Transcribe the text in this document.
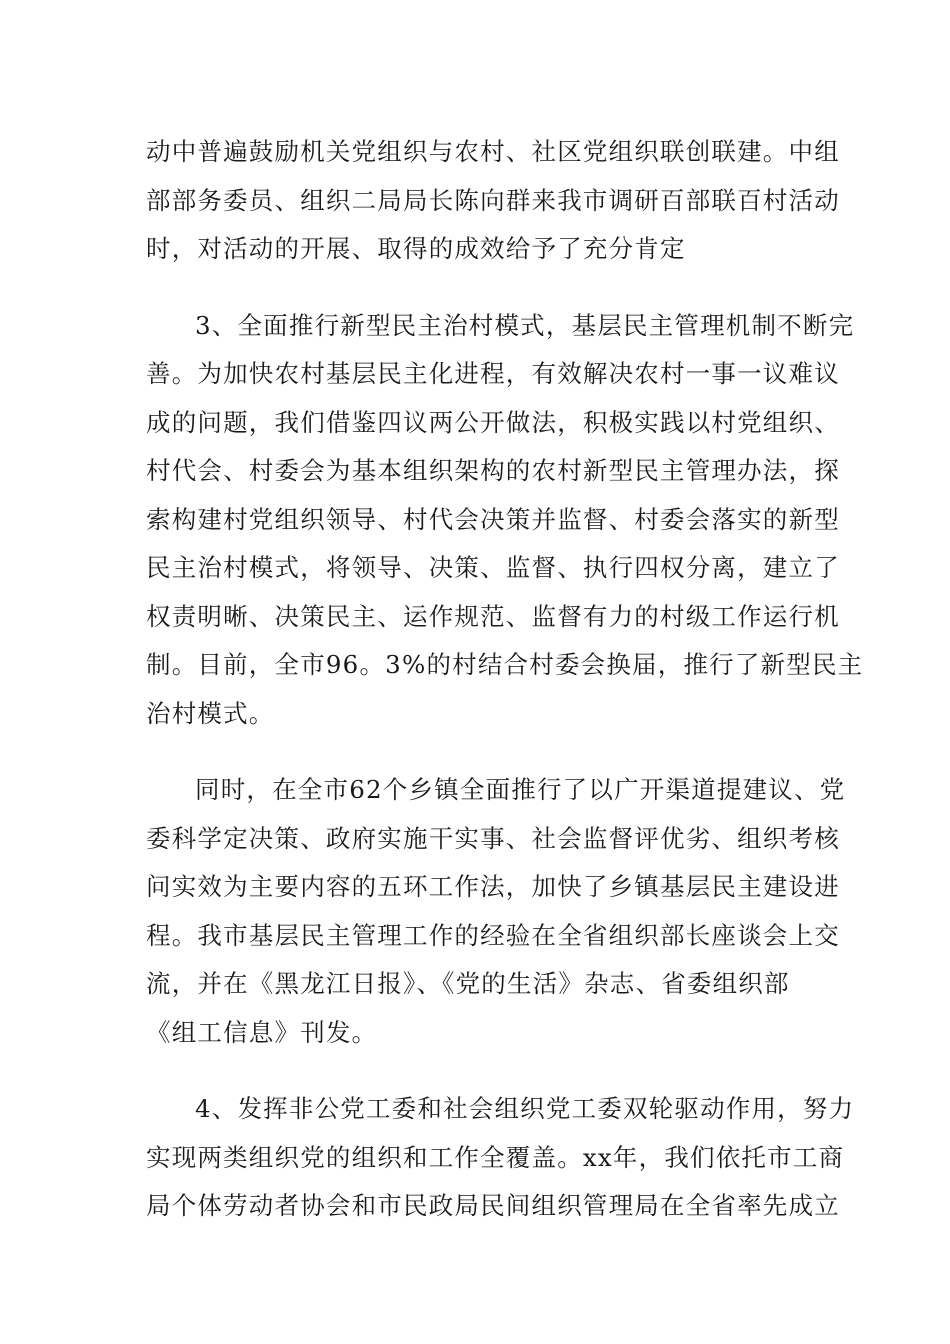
动中普遍鼓励机关党组织与农村、社区党组织联创联建。中组
部部务委员、组织二局局长陈向群来我市调研百部联百村活动
时，对活动的开展、取得的成效给予了充分肯定

3、全面推行新型民主治村模式，基层民主管理机制不断完
善。为加快农村基层民主化进程，有效解决农村一事一议难议
成的问题，我们借鉴四议两公开做法，积极实践以村党组织、
村代会、村委会为基本组织架构的农村新型民主管理办法，探
索构建村党组织领导、村代会决策并监督、村委会落实的新型
民主治村模式，将领导、决策、监督、执行四权分离，建立了
权责明晰、决策民主、运作规范、监督有力的村级工作运行机
制。目前，全市96。3%的村结合村委会换届，推行了新型民主
治村模式。

同时，在全市62个乡镇全面推行了以广开渠道提建议、党
委科学定决策、政府实施干实事、社会监督评优劣、组织考核
问实效为主要内容的五环工作法，加快了乡镇基层民主建设进
程。我市基层民主管理工作的经验在全省组织部长座谈会上交
流，并在《黑龙江日报》、《党的生活》杂志、省委组织部
《组工信息》刊发。

4、发挥非公党工委和社会组织党工委双轮驱动作用，努力
实现两类组织党的组织和工作全覆盖。xx年，我们依托市工商
局个体劳动者协会和市民政局民间组织管理局在全省率先成立
